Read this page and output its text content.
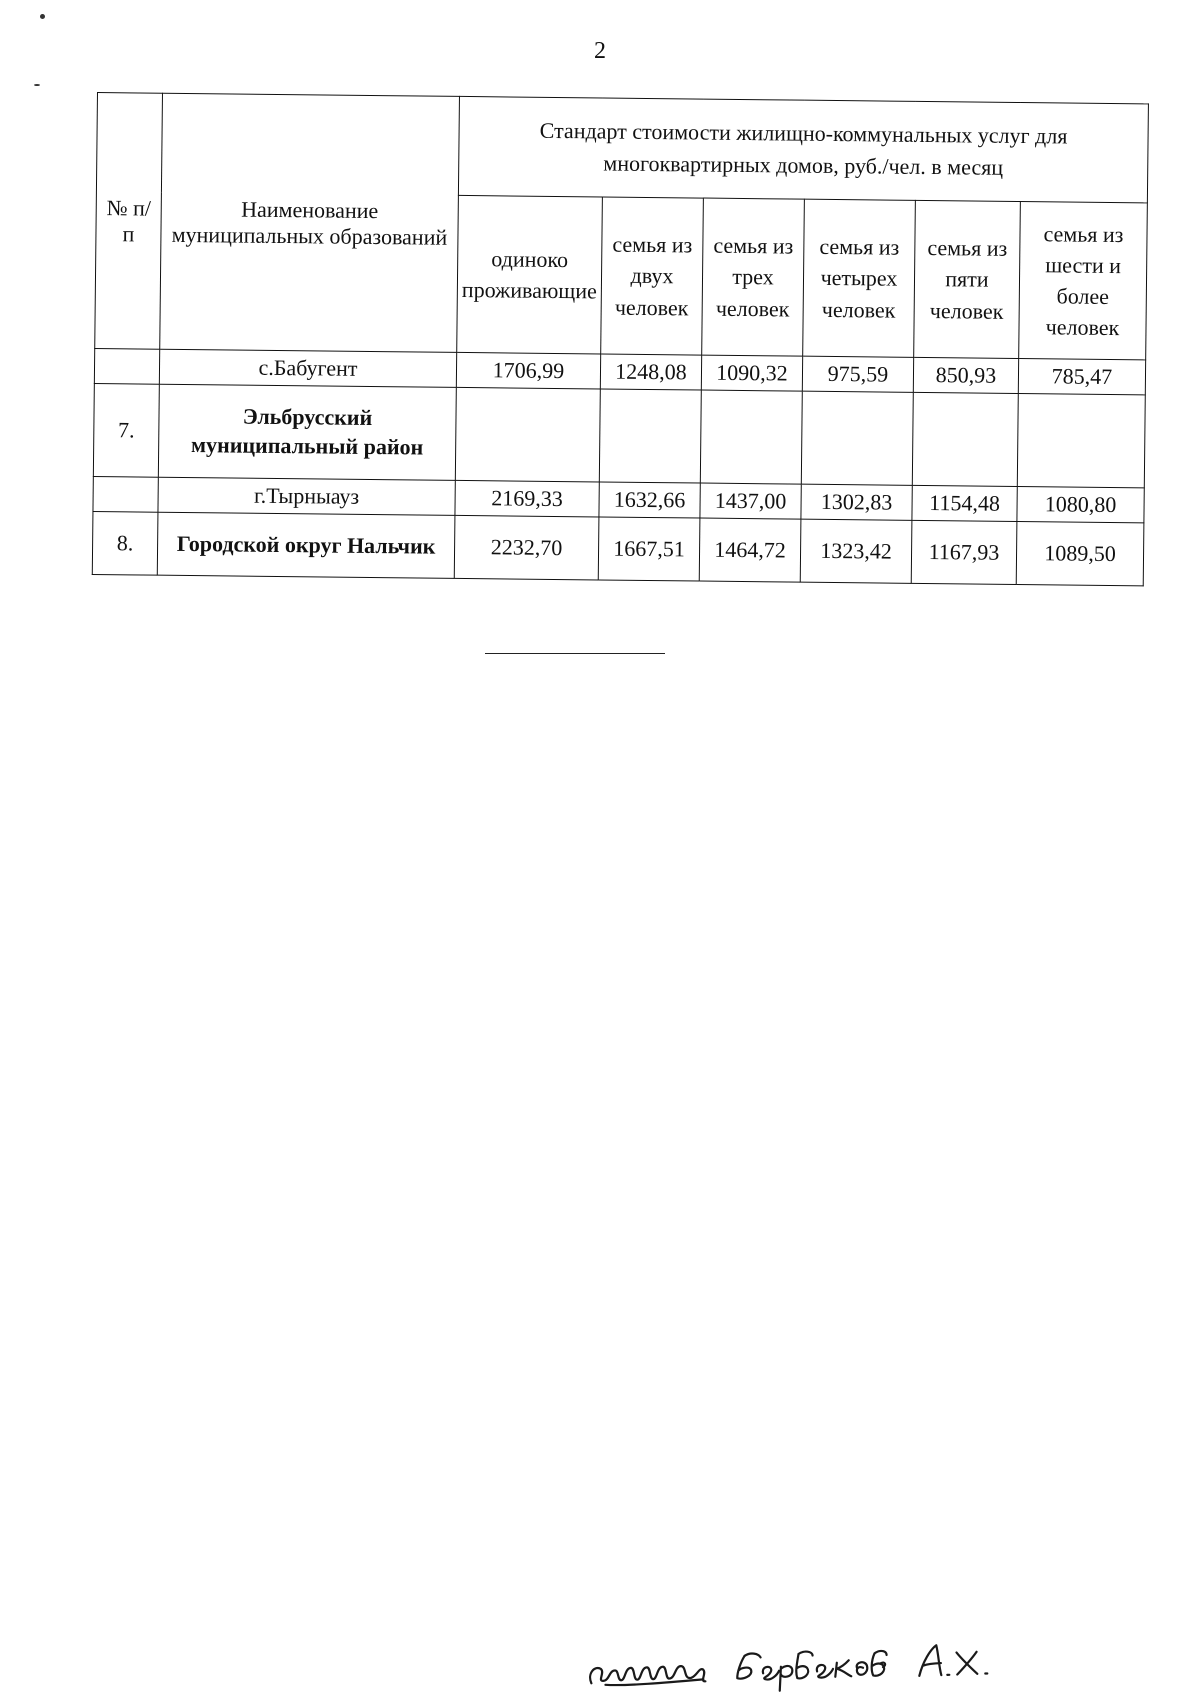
2
№ п/п	Наименование муниципальных образований	Стандарт стоимости жилищно-коммунальных услуг для многоквартирных домов, руб./чел. в месяц					
		одиноко проживающие	семья из двух человек	семья из трех человек	семья из четырех человек	семья из пяти человек	семья из шести и более человек
	с.Бабугент	1706,99	1248,08	1090,32	975,59	850,93	785,47
7.	Эльбрусский муниципальный район						
	г.Тырныауз	2169,33	1632,66	1437,00	1302,83	1154,48	1080,80
8.	Городской округ Нальчик	2232,70	1667,51	1464,72	1323,42	1167,93	1089,50
